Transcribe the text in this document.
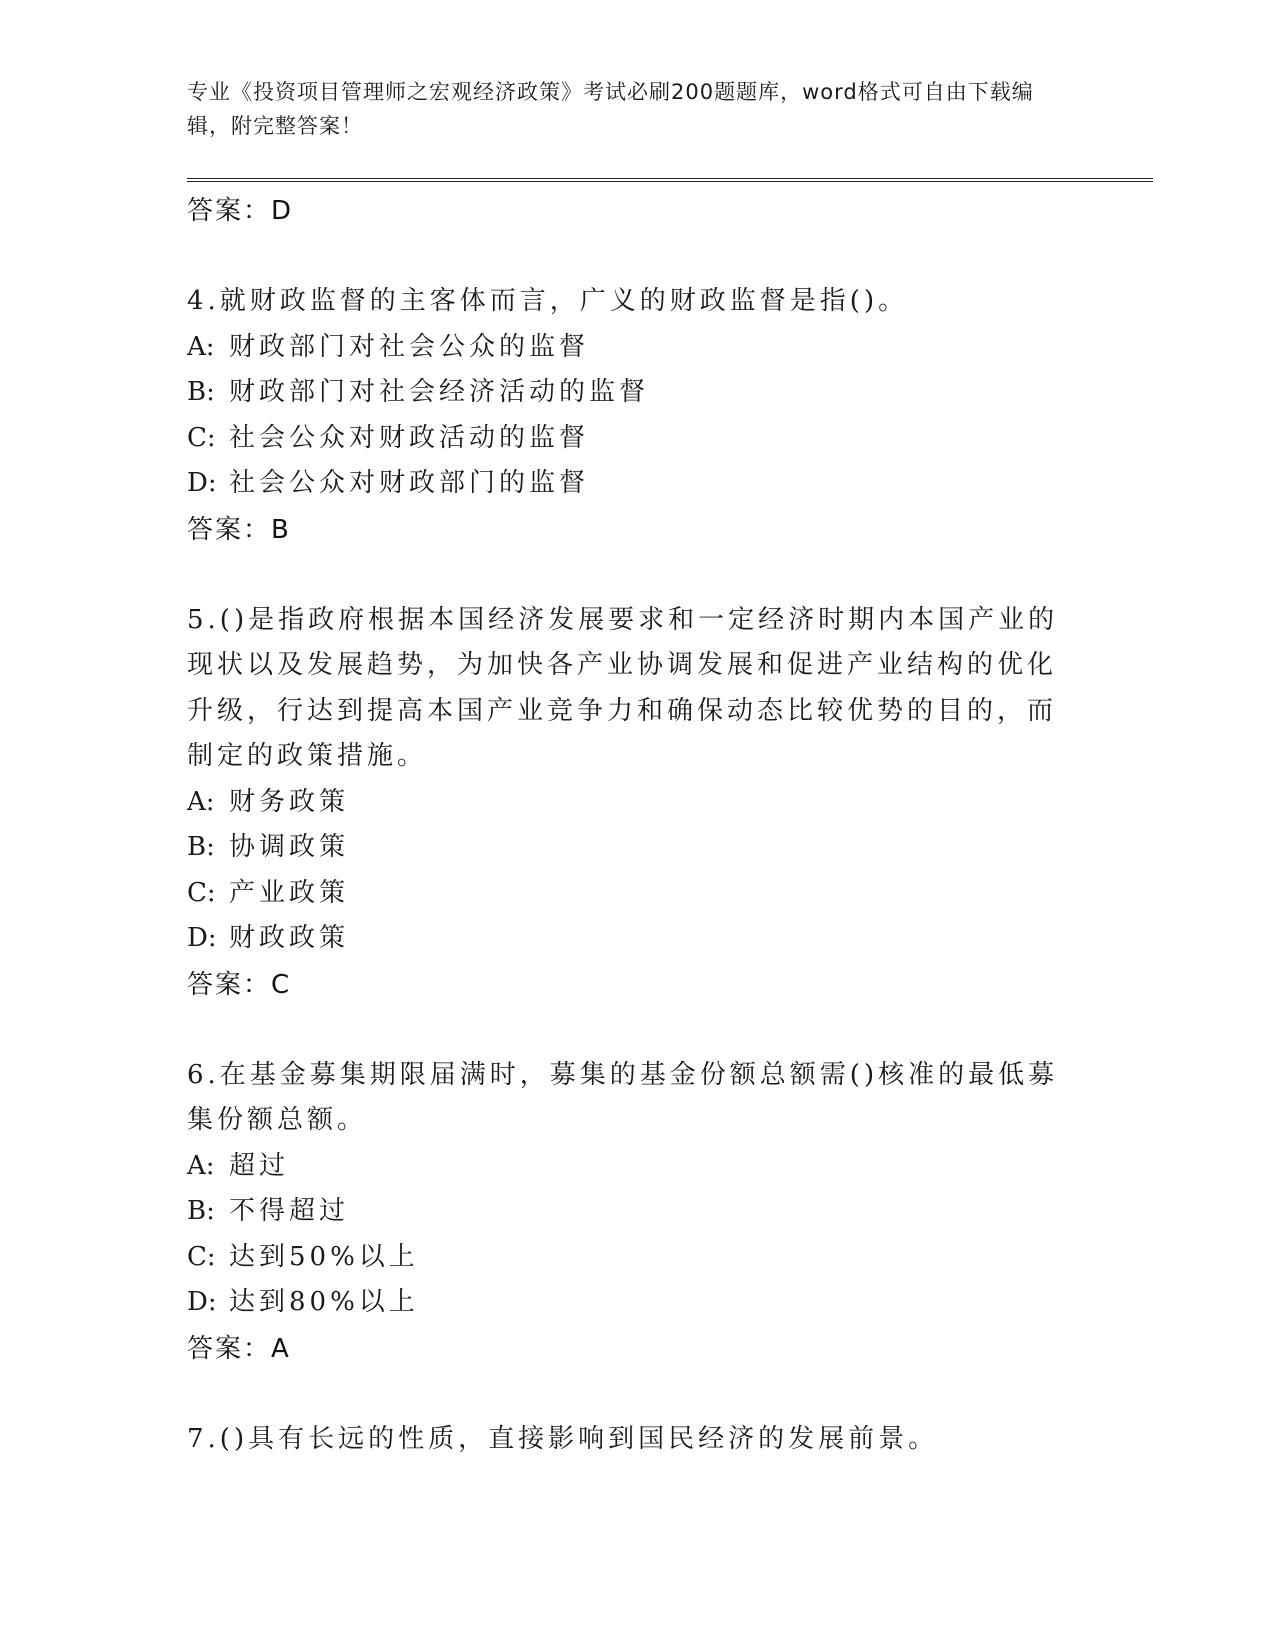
专业《投资项目管理师之宏观经济政策》考试必刷200题题库，word格式可自由下载编辑，附完整答案！
答案：D
4.就财政监督的主客体而言，广义的财政监督是指()。
A: 财政部门对社会公众的监督
B: 财政部门对社会经济活动的监督
C: 社会公众对财政活动的监督
D: 社会公众对财政部门的监督
答案：B
5.()是指政府根据本国经济发展要求和一定经济时期内本国产业的现状以及发展趋势，为加快各产业协调发展和促进产业结构的优化升级，行达到提高本国产业竞争力和确保动态比较优势的目的，而制定的政策措施。
A: 财务政策
B: 协调政策
C: 产业政策
D: 财政政策
答案：C
6.在基金募集期限届满时，募集的基金份额总额需()核准的最低募集份额总额。
A: 超过
B: 不得超过
C: 达到50%以上
D: 达到80%以上
答案：A
7.()具有长远的性质，直接影响到国民经济的发展前景。
